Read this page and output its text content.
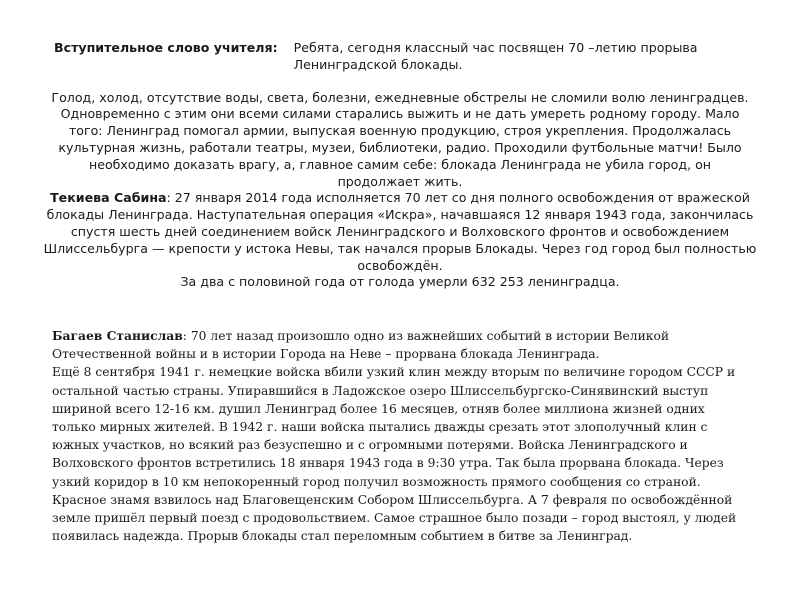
Вступительное слово учителя: Ребята, сегодня классный час посвящен 70 –летию прорыва Ленинградской блокады.
Голод, холод, отсутствие воды, света, болезни, ежедневные обстрелы не сломили волю ленинградцев. Одновременно с этим они всеми силами старались выжить и не дать умереть родному городу. Мало того: Ленинград помогал армии, выпуская военную продукцию, строя укрепления. Продолжалась культурная жизнь, работали театры, музеи, библиотеки, радио. Проходили футбольные матчи! Было необходимо доказать врагу, а, главное самим себе: блокада Ленинграда не убила город, он продолжает жить.
Текиева Сабина: 27 января 2014 года исполняется 70 лет со дня полного освобождения от вражеской блокады Ленинграда. Наступательная операция «Искра», начавшаяся 12 января 1943 года, закончилась спустя шесть дней соединением войск Ленинградского и Волховского фронтов и освобождением Шлиссельбурга — крепости у истока Невы, так начался прорыв Блокады. Через год город был полностью освобождён.
За два с половиной года от голода умерли 632 253 ленинградца.

Багаев Станислав: 70 лет назад произошло одно из важнейших событий в истории Великой Отечественной войны и в истории Города на Неве – прорвана блокада Ленинграда.

Ещё 8 сентября 1941 г. немецкие войска вбили узкий клин между вторым по величине городом СССР и остальной частью страны. Упиравшийся в Ладожское озеро Шлиссельбургско-Синявинский выступ шириной всего 12-16 км. душил Ленинград более 16 месяцев, отняв более миллиона жизней одних только мирных жителей. В 1942 г. наши войска пытались дважды срезать этот злополучный клин с южных участков, но всякий раз безуспешно и с огромными потерями. Войска Ленинградского и Волховского фронтов встретились 18 января 1943 года в 9:30 утра. Так была прорвана блокада. Через узкий коридор в 10 км непокоренный город получил возможность прямого сообщения со страной. Красное знамя взвилось над Благовещенским Собором Шлиссельбурга. А 7 февраля по освобождённой земле пришёл первый поезд с продовольствием. Самое страшное было позади – город выстоял, у людей появилась надежда. Прорыв блокады стал переломным событием в битве за Ленинград.
